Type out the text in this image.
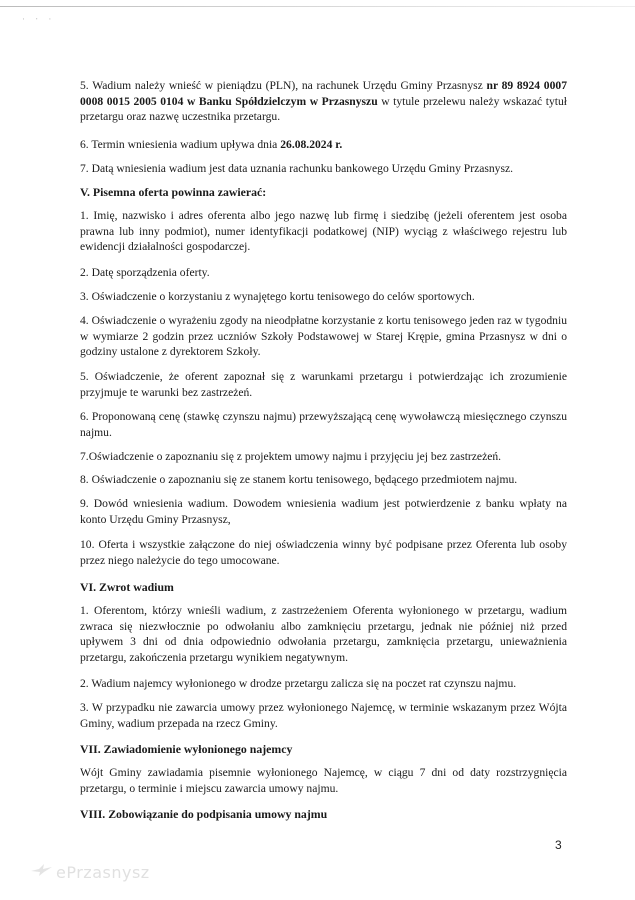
· ‧ ·
5. Wadium należy wnieść w pieniądzu (PLN), na rachunek Urzędu Gminy Przasnysz nr 89 8924 0007 0008 0015 2005 0104 w Banku Spółdzielczym w Przasnyszu w tytule przelewu należy wskazać tytuł przetargu oraz nazwę uczestnika przetargu.
6. Termin wniesienia wadium upływa dnia 26.08.2024 r.
7. Datą wniesienia wadium jest data uznania rachunku bankowego Urzędu Gminy Przasnysz.
V. Pisemna oferta powinna zawierać:
1. Imię, nazwisko i adres oferenta albo jego nazwę lub firmę i siedzibę (jeżeli oferentem jest osoba prawna lub inny podmiot), numer identyfikacji podatkowej (NIP) wyciąg z właściwego rejestru lub ewidencji działalności gospodarczej.
2. Datę sporządzenia oferty.
3. Oświadczenie o korzystaniu z wynajętego kortu tenisowego do celów sportowych.
4. Oświadczenie o wyrażeniu zgody na nieodpłatne korzystanie z kortu tenisowego jeden raz w tygodniu w wymiarze 2 godzin przez uczniów Szkoły Podstawowej w Starej Krępie, gmina Przasnysz w dni o godziny ustalone z dyrektorem Szkoły.
5. Oświadczenie, że oferent zapoznał się z warunkami przetargu i potwierdzając ich zrozumienie przyjmuje te warunki bez zastrzeżeń.
6. Proponowaną cenę (stawkę czynszu najmu) przewyższającą cenę wywoławczą miesięcznego czynszu najmu.
7.Oświadczenie o zapoznaniu się z projektem umowy najmu i przyjęciu jej bez zastrzeżeń.
8. Oświadczenie o zapoznaniu się ze stanem kortu tenisowego, będącego przedmiotem najmu.
9. Dowód wniesienia wadium. Dowodem wniesienia wadium jest potwierdzenie z banku wpłaty na konto Urzędu Gminy Przasnysz,
10. Oferta i wszystkie załączone do niej oświadczenia winny być podpisane przez Oferenta lub osoby przez niego należycie do tego umocowane.
VI. Zwrot wadium
1. Oferentom, którzy wnieśli wadium, z zastrzeżeniem Oferenta wyłonionego w przetargu, wadium zwraca się niezwłocznie po odwołaniu albo zamknięciu przetargu, jednak nie później niż przed upływem 3 dni od dnia odpowiednio odwołania przetargu, zamknięcia przetargu, unieważnienia przetargu, zakończenia przetargu wynikiem negatywnym.
2. Wadium najemcy wyłonionego w drodze przetargu zalicza się na poczet rat czynszu najmu.
3. W przypadku nie zawarcia umowy przez wyłonionego Najemcę, w terminie wskazanym przez Wójta Gminy, wadium przepada na rzecz Gminy.
VII. Zawiadomienie wyłonionego najemcy
Wójt Gminy zawiadamia pisemnie wyłonionego Najemcę, w ciągu 7 dni od daty rozstrzygnięcia przetargu, o terminie i miejscu zawarcia umowy najmu.
VIII. Zobowiązanie do podpisania umowy najmu
3
ePrzasnysz
